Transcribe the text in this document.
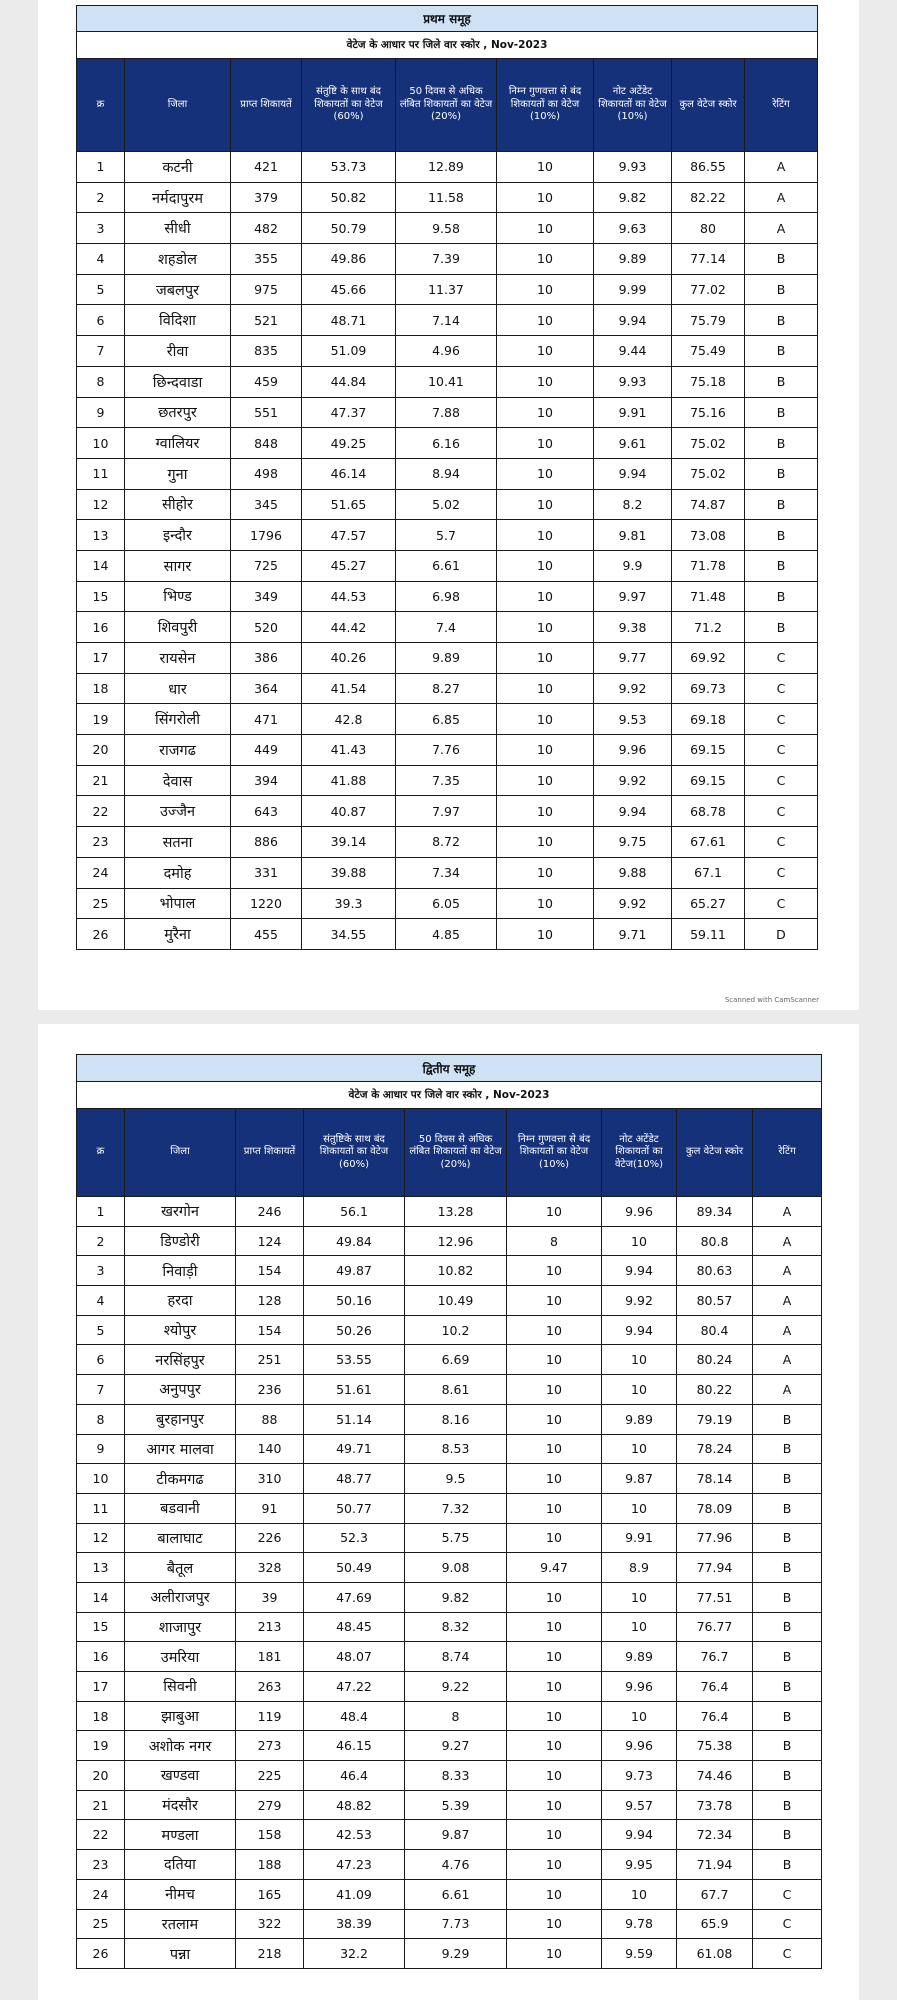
प्रथम समूह								
वेटेज के आधार पर जिले वार स्कोर , Nov-2023								
क्र	जिला	प्राप्त शिकायतें	संतुष्टि के साथ बंद शिकायतों का वेटेज (60%)	50 दिवस से अधिक लंबित शिकायतों का वेटेज (20%)	निम्न गुणवत्ता से बंद शिकायतों का वेटेज (10%)	नोट अटेंडेट शिकायतों का वेटेज (10%)	कुल वेटेज स्कोर	रेटिंग
1	कटनी	421	53.73	12.89	10	9.93	86.55	A
2	नर्मदापुरम	379	50.82	11.58	10	9.82	82.22	A
3	सीधी	482	50.79	9.58	10	9.63	80	A
4	शहडोल	355	49.86	7.39	10	9.89	77.14	B
5	जबलपुर	975	45.66	11.37	10	9.99	77.02	B
6	विदिशा	521	48.71	7.14	10	9.94	75.79	B
7	रीवा	835	51.09	4.96	10	9.44	75.49	B
8	छिन्दवाडा	459	44.84	10.41	10	9.93	75.18	B
9	छतरपुर	551	47.37	7.88	10	9.91	75.16	B
10	ग्वालियर	848	49.25	6.16	10	9.61	75.02	B
11	गुना	498	46.14	8.94	10	9.94	75.02	B
12	सीहोर	345	51.65	5.02	10	8.2	74.87	B
13	इन्दौर	1796	47.57	5.7	10	9.81	73.08	B
14	सागर	725	45.27	6.61	10	9.9	71.78	B
15	भिण्ड	349	44.53	6.98	10	9.97	71.48	B
16	शिवपुरी	520	44.42	7.4	10	9.38	71.2	B
17	रायसेन	386	40.26	9.89	10	9.77	69.92	C
18	धार	364	41.54	8.27	10	9.92	69.73	C
19	सिंगरोली	471	42.8	6.85	10	9.53	69.18	C
20	राजगढ	449	41.43	7.76	10	9.96	69.15	C
21	देवास	394	41.88	7.35	10	9.92	69.15	C
22	उज्जैन	643	40.87	7.97	10	9.94	68.78	C
23	सतना	886	39.14	8.72	10	9.75	67.61	C
24	दमोह	331	39.88	7.34	10	9.88	67.1	C
25	भोपाल	1220	39.3	6.05	10	9.92	65.27	C
26	मुरैना	455	34.55	4.85	10	9.71	59.11	D
Scanned with CamScanner
द्वितीय समूह								
वेटेज के आधार पर जिले वार स्कोर , Nov-2023								
क्र	जिला	प्राप्त शिकायतें	संतुष्टिके साथ बंद शिकायतों का वेटेज (60%)	50 दिवस से अधिक लंबित शिकायतों का वेटेज (20%)	निम्न गुणवत्ता से बंद शिकायतों का वेटेज (10%)	नोट अटेंडेट शिकायतों का वेटेज(10%)	कुल वेटेज स्कोर	रेटिंग
1	खरगोन	246	56.1	13.28	10	9.96	89.34	A
2	डिण्डोरी	124	49.84	12.96	8	10	80.8	A
3	निवाड़ी	154	49.87	10.82	10	9.94	80.63	A
4	हरदा	128	50.16	10.49	10	9.92	80.57	A
5	श्योपुर	154	50.26	10.2	10	9.94	80.4	A
6	नरसिंहपुर	251	53.55	6.69	10	10	80.24	A
7	अनुपपुर	236	51.61	8.61	10	10	80.22	A
8	बुरहानपुर	88	51.14	8.16	10	9.89	79.19	B
9	आगर मालवा	140	49.71	8.53	10	10	78.24	B
10	टीकमगढ	310	48.77	9.5	10	9.87	78.14	B
11	बडवानी	91	50.77	7.32	10	10	78.09	B
12	बालाघाट	226	52.3	5.75	10	9.91	77.96	B
13	बैतूल	328	50.49	9.08	9.47	8.9	77.94	B
14	अलीराजपुर	39	47.69	9.82	10	10	77.51	B
15	शाजापुर	213	48.45	8.32	10	10	76.77	B
16	उमरिया	181	48.07	8.74	10	9.89	76.7	B
17	सिवनी	263	47.22	9.22	10	9.96	76.4	B
18	झाबुआ	119	48.4	8	10	10	76.4	B
19	अशोक नगर	273	46.15	9.27	10	9.96	75.38	B
20	खण्डवा	225	46.4	8.33	10	9.73	74.46	B
21	मंदसौर	279	48.82	5.39	10	9.57	73.78	B
22	मण्डला	158	42.53	9.87	10	9.94	72.34	B
23	दतिया	188	47.23	4.76	10	9.95	71.94	B
24	नीमच	165	41.09	6.61	10	10	67.7	C
25	रतलाम	322	38.39	7.73	10	9.78	65.9	C
26	पन्ना	218	32.2	9.29	10	9.59	61.08	C
